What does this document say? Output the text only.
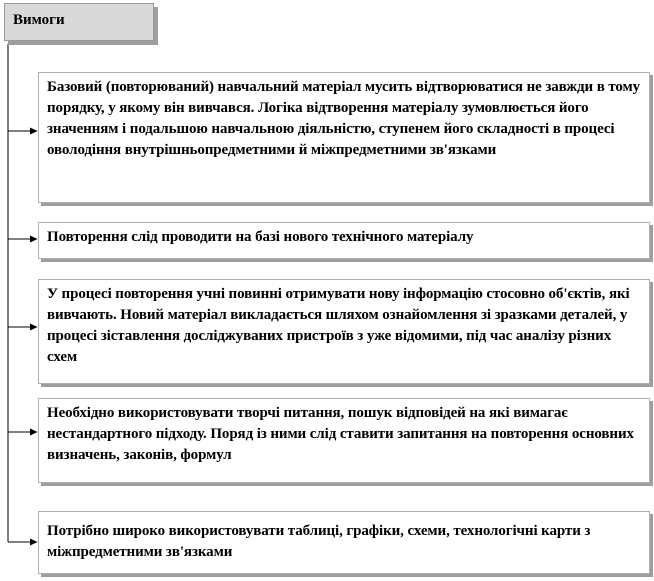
Вимоги
Базовий (повторюваний) навчальний матеріал мусить відтворюватися не завжди в тому порядку, у якому він вивчався. Логіка відтворення матеріалу зумовлюється його значенням і подальшою навчальною діяльністю, ступенем його складності в процесі оволодіння внутрішньопредметними й міжпредметними зв'язками
Повторення слід проводити на базі нового технічного матеріалу
У процесі повторення учні повинні отримувати нову інформацію стосовно об'єктів, які вивчають. Новий матеріал викладається шляхом ознайомлення зі зразками деталей, у процесі зіставлення досліджуваних пристроїв з уже відомими, під час аналізу різних схем
Необхідно використовувати творчі питання, пошук відповідей на які вимагає нестандартного підходу. Поряд із ними слід ставити запитання на повторення основних визначень, законів, формул
Потрібно широко використовувати таблиці, графіки, схеми, технологічні карти з міжпредметними зв'язками
